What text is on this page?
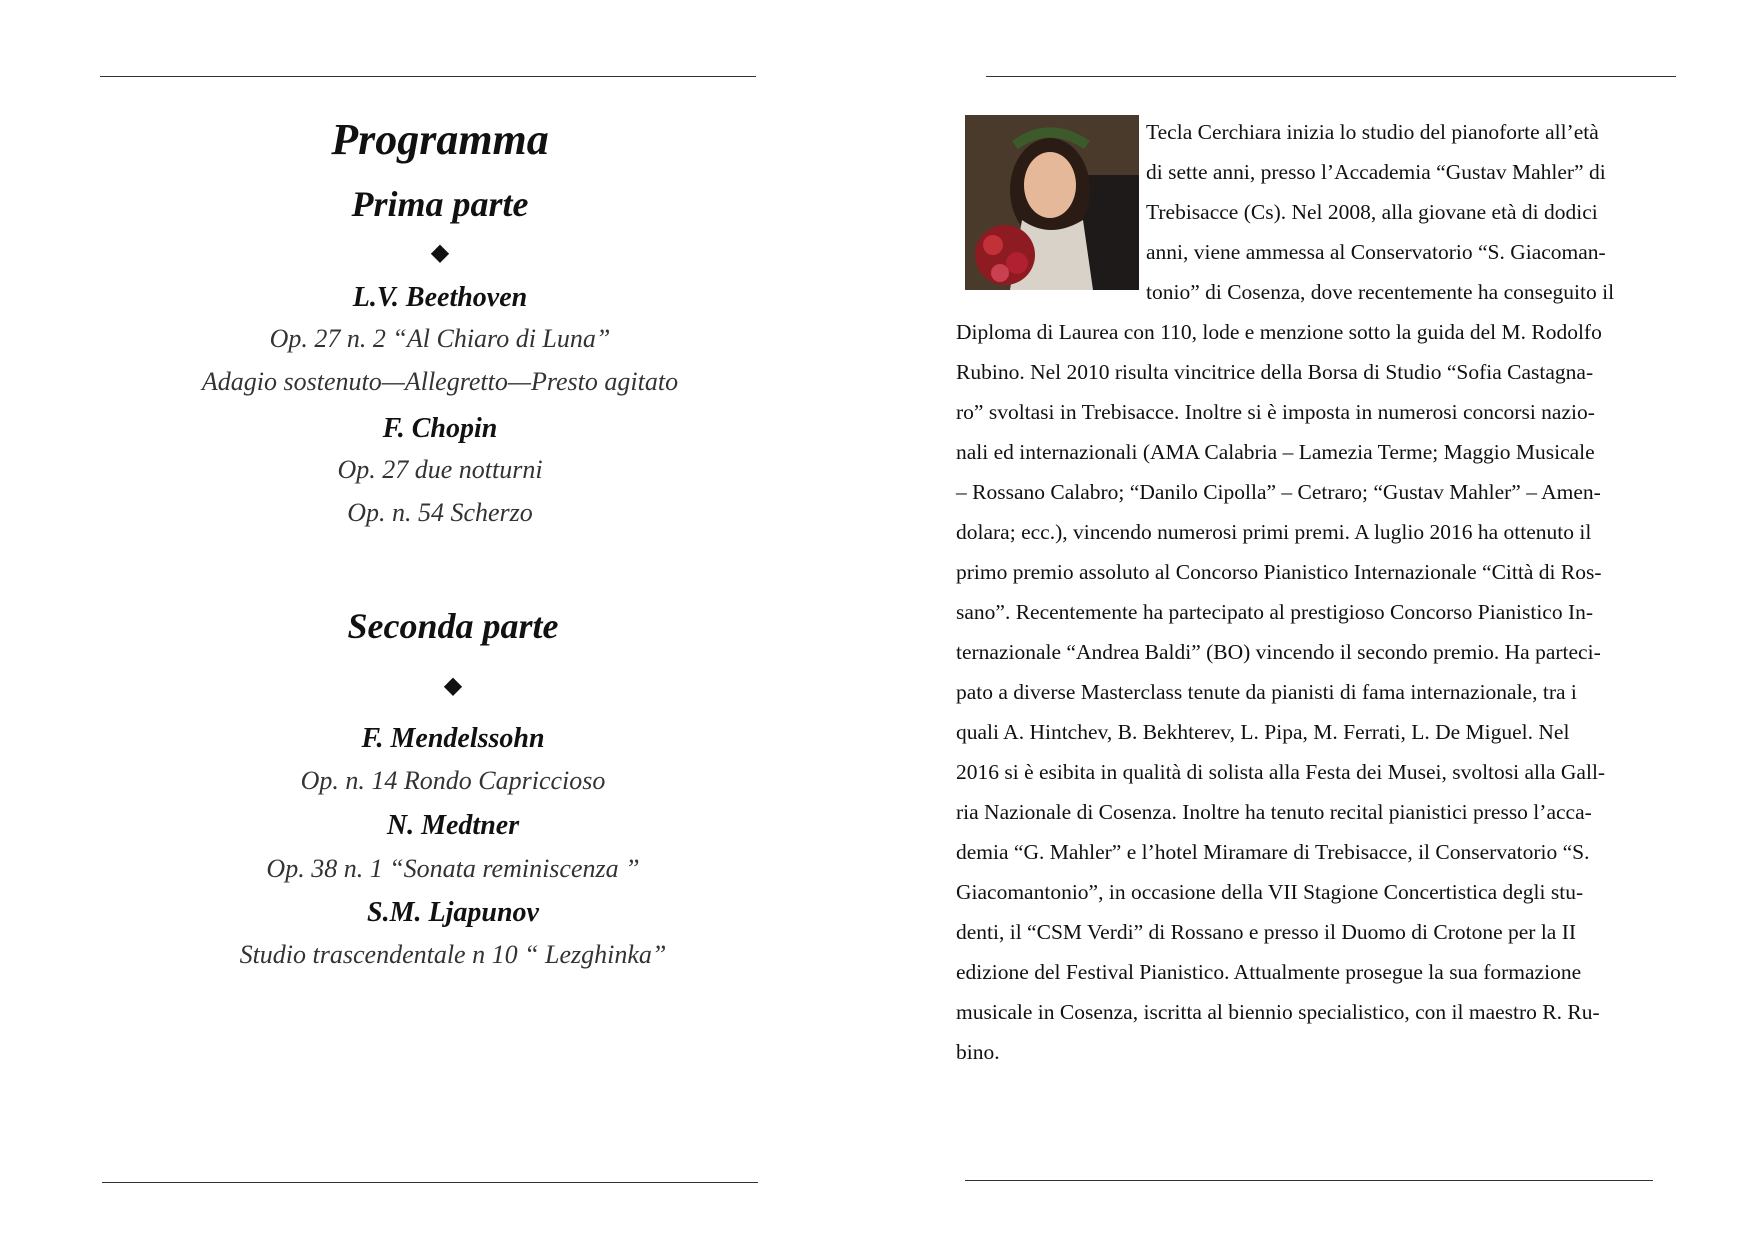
Programma
Prima parte
◆
L.V. Beethoven
Op. 27 n. 2 “Al Chiaro di Luna”
Adagio sostenuto—Allegretto—Presto agitato
F. Chopin
Op. 27 due notturni
Op. n. 54 Scherzo
Seconda parte
◆
F. Mendelssohn
Op. n. 14 Rondo Capriccioso
N. Medtner
Op. 38 n. 1 “Sonata reminiscenza ”
S.M. Ljapunov
Studio trascendentale n 10 “ Lezghinka”
Tecla Cerchiara inizia lo studio del pianoforte all’età
di sette anni, presso l’Accademia “Gustav Mahler” di
Trebisacce (Cs). Nel 2008, alla giovane età di dodici
anni, viene ammessa al Conservatorio “S. Giacoman-
tonio” di Cosenza, dove recentemente ha conseguito il
Diploma di Laurea con 110, lode e menzione sotto la guida del M. Rodolfo
Rubino. Nel 2010 risulta vincitrice della Borsa di Studio “Sofia Castagna-
ro” svoltasi in Trebisacce. Inoltre si è imposta in numerosi concorsi nazio-
nali ed internazionali (AMA Calabria – Lamezia Terme; Maggio Musicale
– Rossano Calabro; “Danilo Cipolla” – Cetraro; “Gustav Mahler” – Amen-
dolara; ecc.), vincendo numerosi primi premi. A luglio 2016 ha ottenuto il
primo premio assoluto al Concorso Pianistico Internazionale “Città di Ros-
sano”. Recentemente ha partecipato al prestigioso Concorso Pianistico In-
ternazionale “Andrea Baldi” (BO) vincendo il secondo premio. Ha parteci-
pato a diverse Masterclass tenute da pianisti di fama internazionale, tra i
quali A. Hintchev, B. Bekhterev, L. Pipa, M. Ferrati, L. De Miguel. Nel
2016 si è esibita in qualità di solista alla Festa dei Musei, svoltosi alla Gall-
ria Nazionale di Cosenza. Inoltre ha tenuto recital pianistici presso l’acca-
demia “G. Mahler” e l’hotel Miramare di Trebisacce, il Conservatorio “S.
Giacomantonio”, in occasione della VII Stagione Concertistica degli stu-
denti, il “CSM Verdi” di Rossano e presso il Duomo di Crotone per la II
edizione del Festival Pianistico. Attualmente prosegue la sua formazione
musicale in Cosenza, iscritta al biennio specialistico, con il maestro R. Ru-
bino.
